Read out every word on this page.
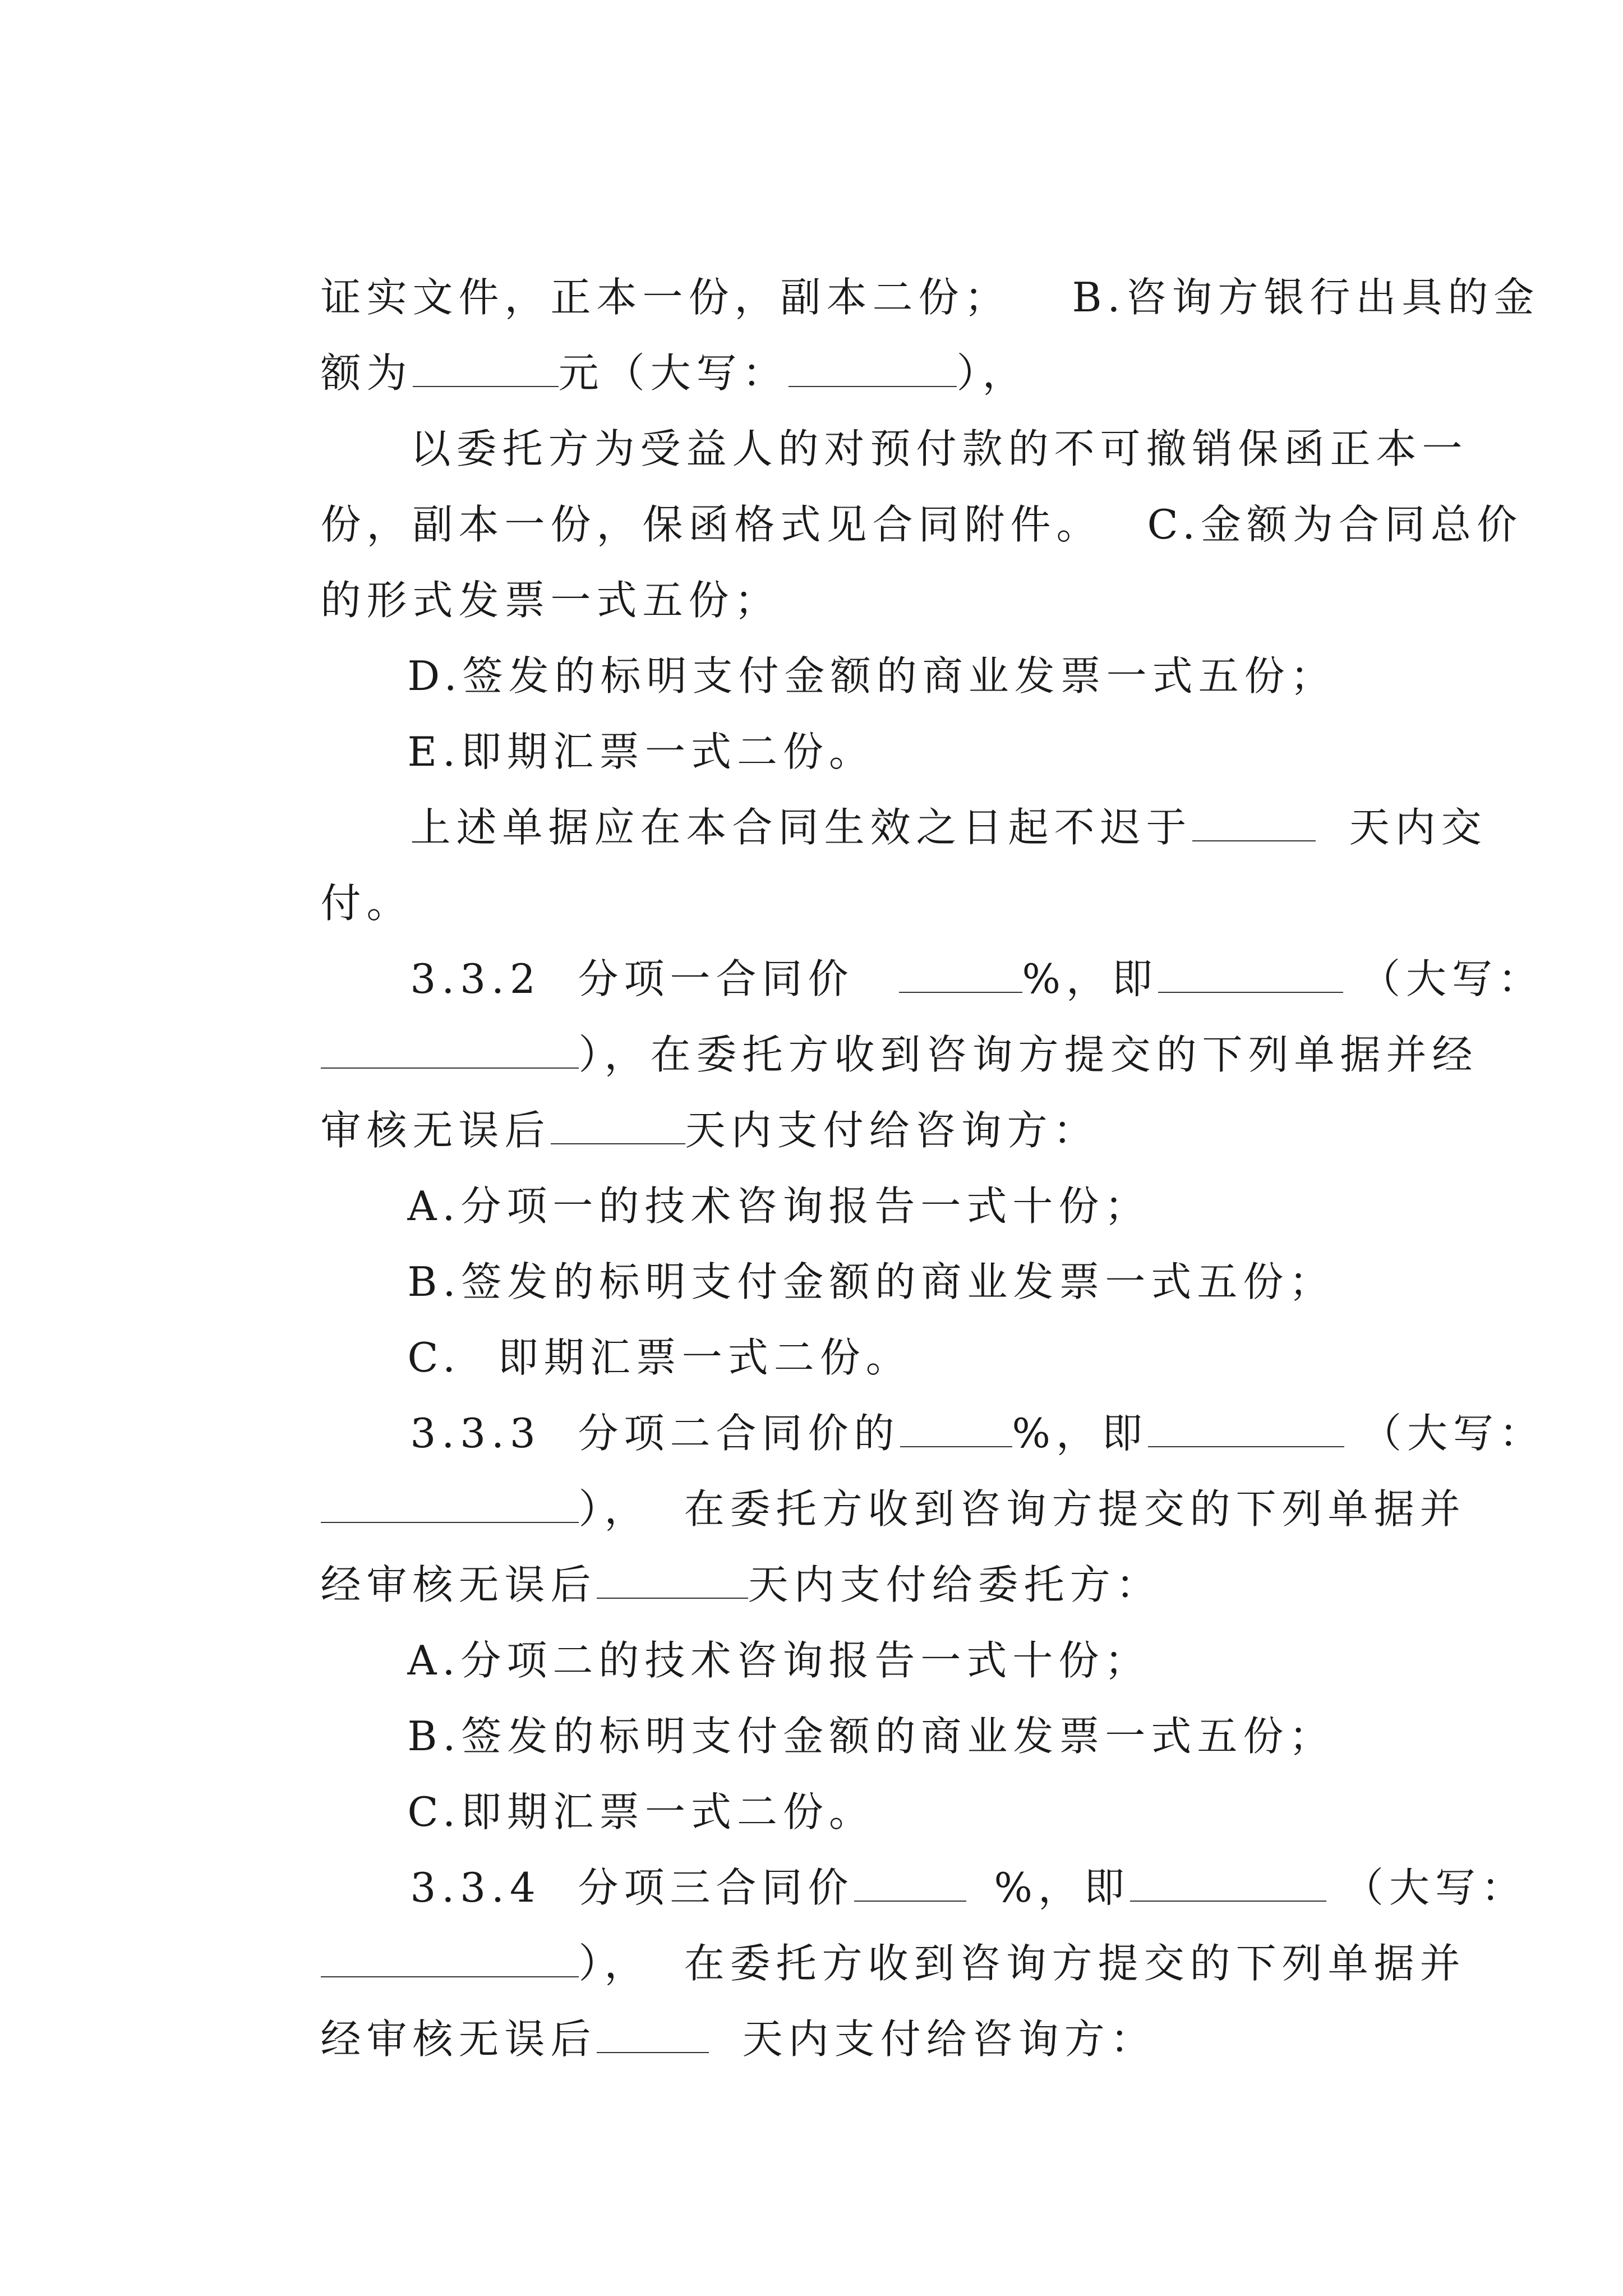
证实文件，正本一份，副本二份； B.咨询方银行出具的金

额为	元（大写：	），

以委托方为受益人的对预付款的不可撤销保函正本一

份，副本一份，保函格式见合同附件。 C.金额为合同总价

的形式发票一式五份；

D.签发的标明支付金额的商业发票一式五份；

E.即期汇票一式二份。

上述单据应在本合同生效之日起不迟于	天内交

付。

3.3.2  分项一合同价	%，即	（大写：

），在委托方收到咨询方提交的下列单据并经

审核无误后	天内支付给咨询方：

A.分项一的技术咨询报告一式十份；

B.签发的标明支付金额的商业发票一式五份；

C.  即期汇票一式二份。

3.3.3  分项二合同价的	%，即	（大写：

）， 在委托方收到咨询方提交的下列单据并

经审核无误后	天内支付给委托方：

A.分项二的技术咨询报告一式十份；

B.签发的标明支付金额的商业发票一式五份；

C.即期汇票一式二份。

3.3.4  分项三合同价	%，即	（大写：

）， 在委托方收到咨询方提交的下列单据并

经审核无误后	天内支付给咨询方：
